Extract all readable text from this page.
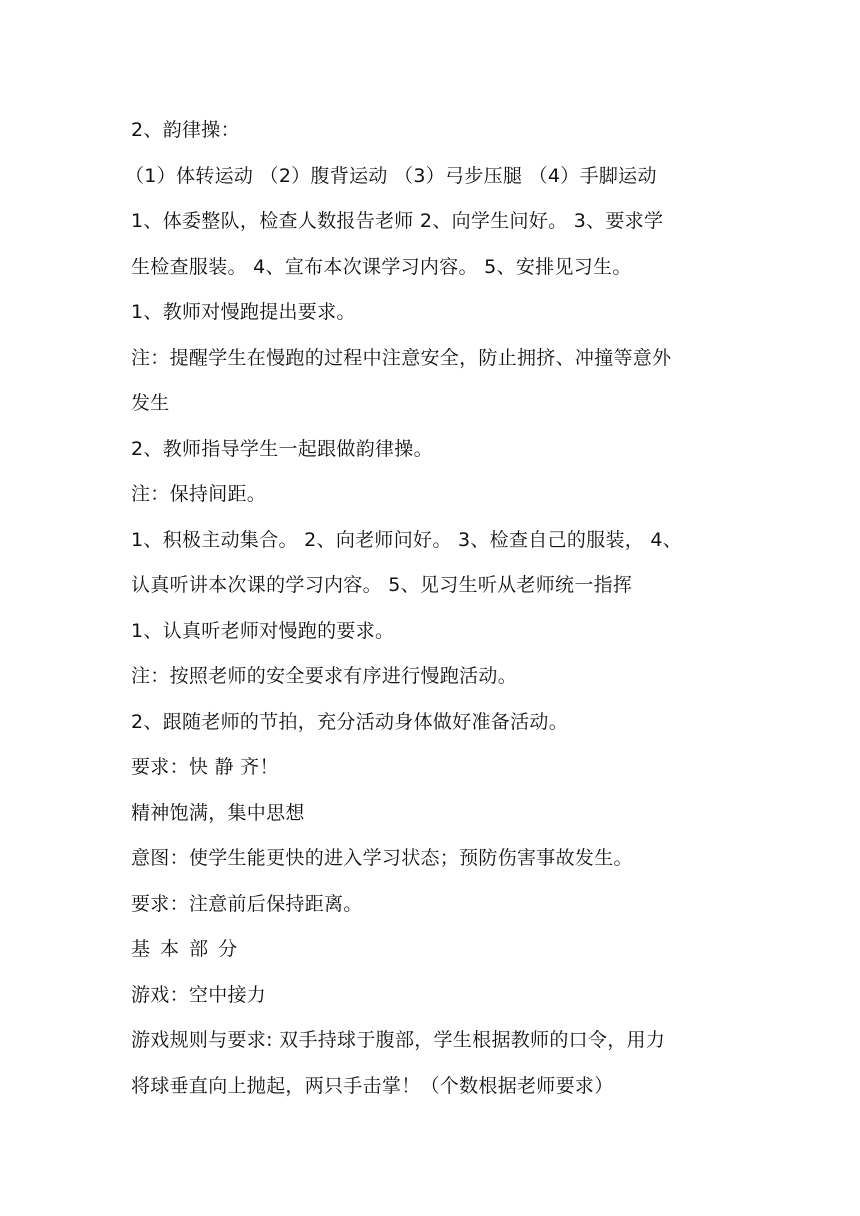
2、韵律操：
（1）体转运动 （2）腹背运动 （3）弓步压腿 （4）手脚运动
1、体委整队，检查人数报告老师 2、向学生问好。 3、要求学
生检查服装。 4、宣布本次课学习内容。 5、安排见习生。
1、教师对慢跑提出要求。
注：提醒学生在慢跑的过程中注意安全，防止拥挤、冲撞等意外
发生
2、教师指导学生一起跟做韵律操。
注：保持间距。
1、积极主动集合。 2、向老师问好。 3、检查自己的服装， 4、
认真听讲本次课的学习内容。 5、见习生听从老师统一指挥
1、认真听老师对慢跑的要求。
注：按照老师的安全要求有序进行慢跑活动。
2、跟随老师的节拍，充分活动身体做好准备活动。
要求：快 静 齐！
精神饱满，集中思想
意图：使学生能更快的进入学习状态；预防伤害事故发生。
要求：注意前后保持距离。
基 本 部 分
游戏：空中接力
游戏规则与要求: 双手持球于腹部，学生根据教师的口令，用力
将球垂直向上抛起，两只手击掌！（个数根据老师要求）
